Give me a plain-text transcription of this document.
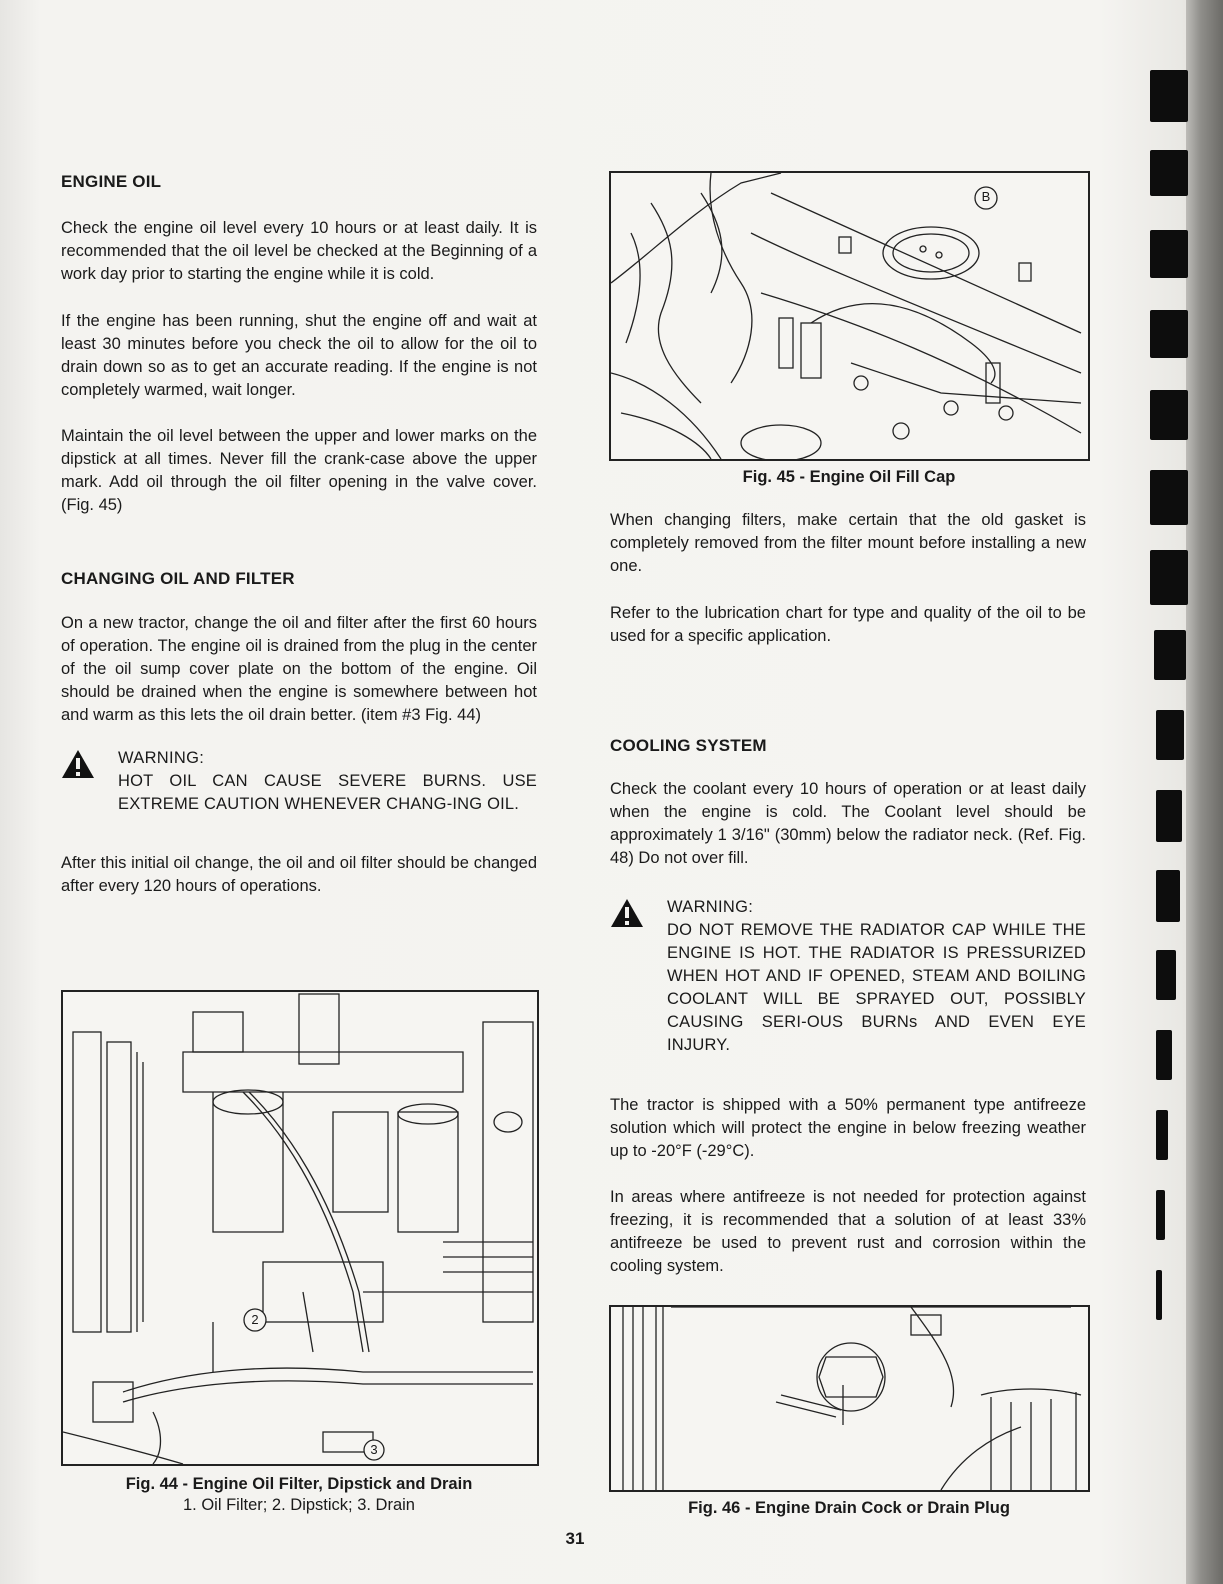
ENGINE OIL

Check the engine oil level every 10 hours or at least daily. It is recommended that the oil level be checked at the Beginning of a work day prior to starting the engine while it is cold.

If the engine has been running, shut the engine off and wait at least 30 minutes before you check the oil to allow for the oil to drain down so as to get an accurate reading. If the engine is not completely warmed, wait longer.

Maintain the oil level between the upper and lower marks on the dipstick at all times. Never fill the crank-case above the upper mark. Add oil through the oil filter opening in the valve cover. (Fig. 45)

CHANGING OIL AND FILTER

On a new tractor, change the oil and filter after the first 60 hours of operation. The engine oil is drained from the plug in the center of the oil sump cover plate on the bottom of the engine. Oil should be drained when the engine is somewhere between hot and warm as this lets the oil drain better. (item #3 Fig. 44)

WARNING:
HOT OIL CAN CAUSE SEVERE BURNS. USE EXTREME CAUTION WHENEVER CHANG-ING OIL.

After this initial oil change, the oil and oil filter should be changed after every 120 hours of operations.

B
Fig. 45 - Engine Oil Fill Cap

When changing filters, make certain that the old gasket is completely removed from the filter mount before installing a new one.

Refer to the lubrication chart for type and quality of the oil to be used for a specific application.

COOLING SYSTEM

Check the coolant every 10 hours of operation or at least daily when the engine is cold. The Coolant level should be approximately 1 3/16" (30mm) below the radiator neck. (Ref. Fig. 48) Do not over fill.

WARNING:
DO NOT REMOVE THE RADIATOR CAP WHILE THE ENGINE IS HOT. THE RADIATOR IS PRESSURIZED WHEN HOT AND IF OPENED, STEAM AND BOILING COOLANT WILL BE SPRAYED OUT, POSSIBLY CAUSING SERI-OUS BURNs AND EVEN EYE INJURY.

The tractor is shipped with a 50% permanent type antifreeze solution which will protect the engine in below freezing weather up to -20°F (-29°C).

In areas where antifreeze is not needed for protection against freezing, it is recommended that a solution of at least 33% antifreeze be used to prevent rust and corrosion within the cooling system.

2
3
Fig. 44 - Engine Oil Filter, Dipstick and Drain
1. Oil Filter; 2. Dipstick; 3. Drain	Fig. 46 - Engine Drain Cock or Drain Plug
31
